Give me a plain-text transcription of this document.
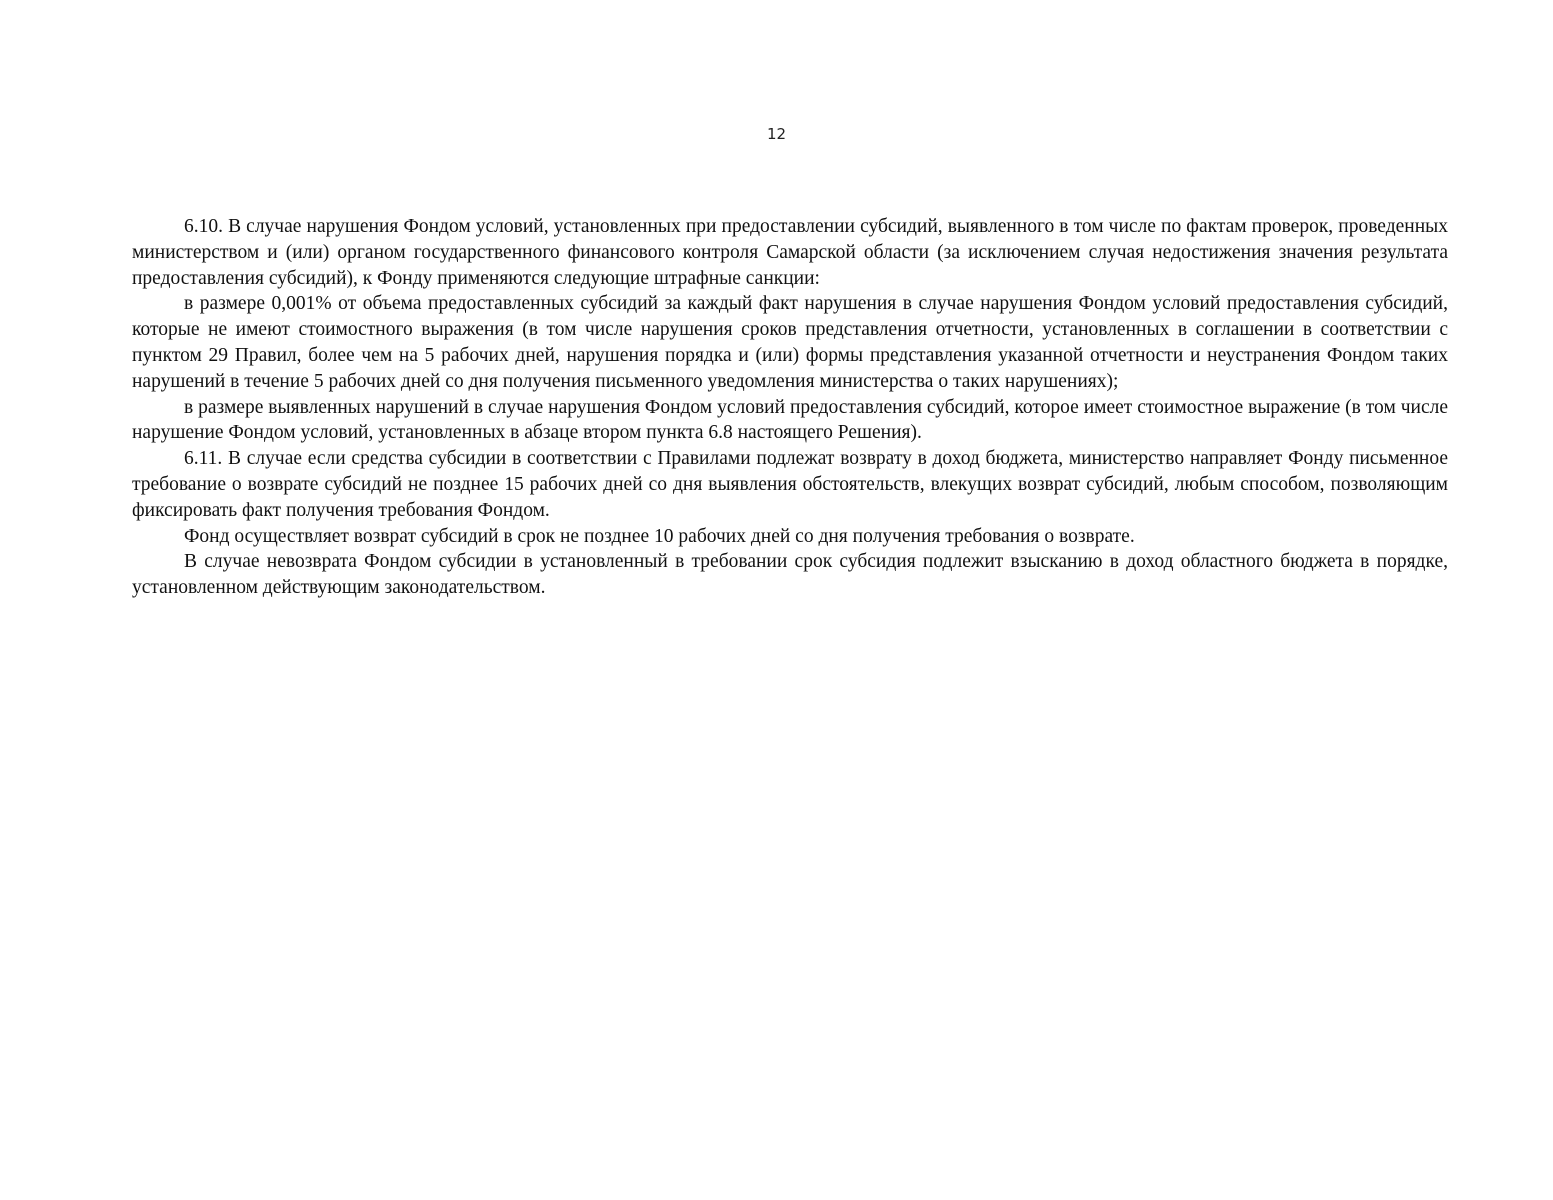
12

6.10. В случае нарушения Фондом условий, установленных при предоставлении субсидий, выявленного в том числе по фактам проверок, проведенных министерством и (или) органом государственного финансового контроля Самарской области (за исключением случая недостижения значения результата предоставления субсидий), к Фонду применяются следующие штрафные санкции:

в размере 0,001% от объема предоставленных субсидий за каждый факт нарушения в случае нарушения Фондом условий предоставления субсидий, которые не имеют стоимостного выражения (в том числе нарушения сроков представления отчетности, установленных в соглашении в соответствии с пунктом 29 Правил, более чем на 5 рабочих дней, нарушения порядка и (или) формы представления указанной отчетности и неустранения Фондом таких нарушений в течение 5 рабочих дней со дня получения письменного уведомления министерства о таких нарушениях);

в размере выявленных нарушений в случае нарушения Фондом условий предоставления субсидий, которое имеет стоимостное выражение (в том числе нарушение Фондом условий, установленных в абзаце втором пункта 6.8 настоящего Решения).

6.11. В случае если средства субсидии в соответствии с Правилами подлежат возврату в доход бюджета, министерство направляет Фонду письменное требование о возврате субсидий не позднее 15 рабочих дней со дня выявления обстоятельств, влекущих возврат субсидий, любым способом, позволяющим фиксировать факт получения требования Фондом.

Фонд осуществляет возврат субсидий в срок не позднее 10 рабочих дней со дня получения требования о возврате.

В случае невозврата Фондом субсидии в установленный в требовании срок субсидия подлежит взысканию в доход областного бюджета в порядке, установленном действующим законодательством.
